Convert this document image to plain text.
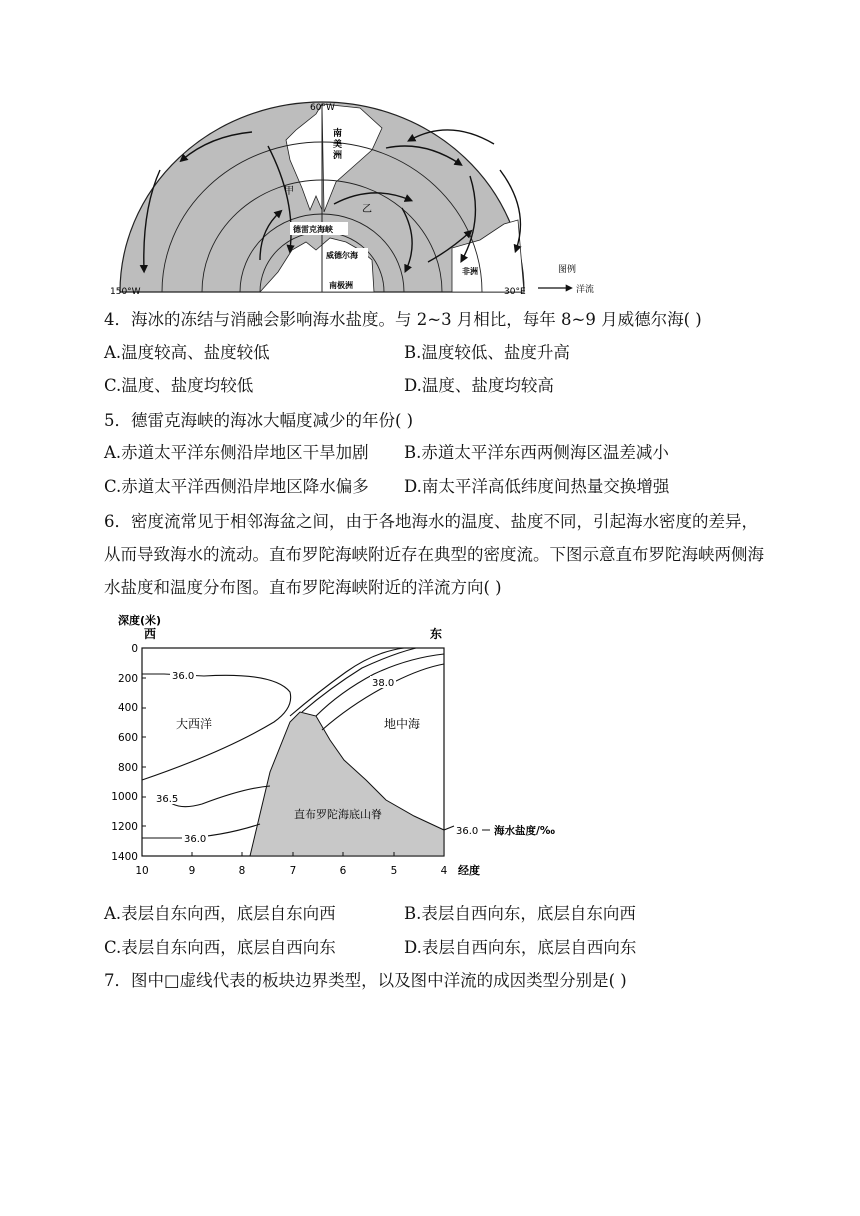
60°W
150°W	30°E
南
美
洲
甲
乙
德雷克海峡
威德尔海
南极洲
非洲	图例
洋流
4．海冰的冻结与消融会影响海水盐度。与 2~3 月相比，每年 8~9 月威德尔海( )
A.温度较高、盐度较低	B.温度较低、盐度升高
C.温度、盐度均较低	D.温度、盐度均较高
5．德雷克海峡的海冰大幅度减少的年份( )
A.赤道太平洋东侧沿岸地区干旱加剧 B.赤道太平洋东西两侧海区温差减小
C.赤道太平洋西侧沿岸地区降水偏多 D.南太平洋高低纬度间热量交换增强
6．密度流常见于相邻海盆之间，由于各地海水的温度、盐度不同，引起海水密度的差异，从而导致海水的流动。直布罗陀海峡附近存在典型的密度流。下图示意直布罗陀海峡两侧海水盐度和温度分布图。直布罗陀海峡附近的洋流方向( )
深度(米)
西	东
0
200
400
600
800
1000
1200
1400
10	9	8	7	6	5	4 经度
大西洋	地中海
直布罗陀海底山脊
36.0
38.0
36.5
36.0
36.0 海水盐度/‰
A.表层自东向西，底层自东向西	B.表层自西向东，底层自东向西
C.表层自东向西，底层自西向东	D.表层自西向东，底层自西向东
7．图中□虚线代表的板块边界类型，以及图中洋流的成因类型分别是( )
